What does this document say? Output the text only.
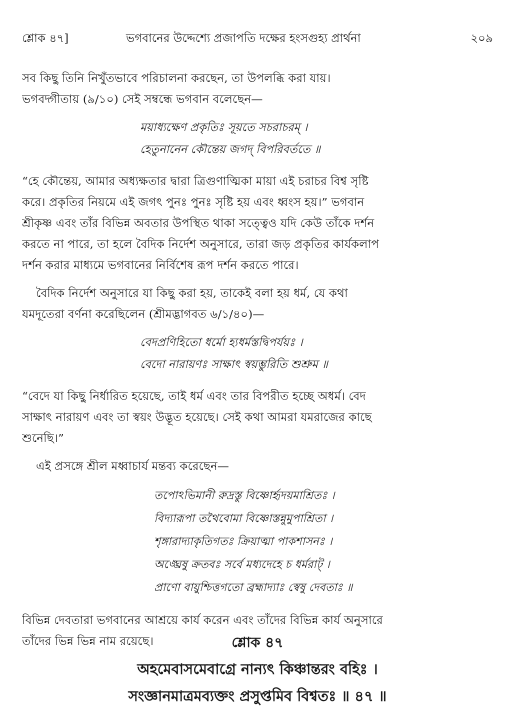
শ্লোক ৪৭]	ভগবানের উদ্দেশ্যে প্রজাপতি দক্ষের হংসগুহ্য প্রার্থনা	২০৯
সব কিছু তিনি নিখুঁতভাবে পরিচালনা করছেন, তা উপলব্ধি করা যায়।
ভগবদ্গীতায় (৯/১০) সেই সম্বন্ধে ভগবান বলেছেন—
ময়াধ্যক্ষেণ প্রকৃতিঃ সূয়তে সচরাচরম্‌ ।
হেতুনানেন কৌন্তেয় জগদ্‌ বিপরিবর্ততে ॥
“হে কৌন্তেয়, আমার অধ্যক্ষতার দ্বারা ত্রিগুণাত্মিকা মায়া এই চরাচর বিশ্ব সৃষ্টি
করে। প্রকৃতির নিয়মে এই জগৎ পুনঃ পুনঃ সৃষ্টি হয় এবং ধ্বংস হয়।” ভগবান
শ্রীকৃষ্ণ এবং তাঁর বিভিন্ন অবতার উপস্থিত থাকা সত্ত্বেও যদি কেউ তাঁকে দর্শন
করতে না পারে, তা হলে বৈদিক নির্দেশ অনুসারে, তারা জড় প্রকৃতির কার্যকলাপ
দর্শন করার মাধ্যমে ভগবানের নির্বিশেষ রূপ দর্শন করতে পারে।
বৈদিক নির্দেশ অনুসারে যা কিছু করা হয়, তাকেই বলা হয় ধর্ম, যে কথা
যমদূতেরা বর্ণনা করেছিলেন (শ্রীমদ্ভাগবত ৬/১/৪০)—
বেদপ্রণিহিতো ধর্মো হ্যধর্মস্তদ্বিপর্যয়ঃ ।
বেদো নারায়ণঃ সাক্ষাৎ স্বয়ম্ভুরিতি শুশ্রুম ॥
“বেদে যা কিছু নির্ধারিত হয়েছে, তাই ধর্ম এবং তার বিপরীত হচ্ছে অধর্ম। বেদ
সাক্ষাৎ নারায়ণ এবং তা স্বয়ং উদ্ভূত হয়েছে। সেই কথা আমরা যমরাজের কাছে
শুনেছি।”
এই প্রসঙ্গে শ্রীল মধ্বাচার্য মন্তব্য করেছেন—
তপোঽভিমানী রুদ্রস্তু বিষ্ণোর্হৃদয়মাশ্রিতঃ ।
বিদ্যারূপা তথৈবোমা বিষ্ণোস্তন্নুমুপাশ্রিতা ।
শৃঙ্গারাদ্যাকৃতিগতঃ ক্রিয়াত্মা পাকশাসনঃ ।
অঙ্ঘ্রেষু ক্রতবঃ সর্বে মধ্যদেহে চ ধর্মরাট্‌ ।
প্রাণো বায়ুশ্চিত্তগতো ব্রহ্মাদ্যাঃ স্বেষু দেবতাঃ ॥
বিভিন্ন দেবতারা ভগবানের আশ্রয়ে কার্য করেন এবং তাঁদের বিভিন্ন কার্য অনুসারে
তাঁদের ভিন্ন ভিন্ন নাম রয়েছে।	শ্লোক ৪৭
অহমেবাসমেবাগ্রে নান্যৎ কিঞ্চান্তরং বহিঃ ।
সংজ্ঞানমাত্রমব্যক্তং প্রসুপ্তমিব বিশ্বতঃ ॥ ৪৭ ॥
